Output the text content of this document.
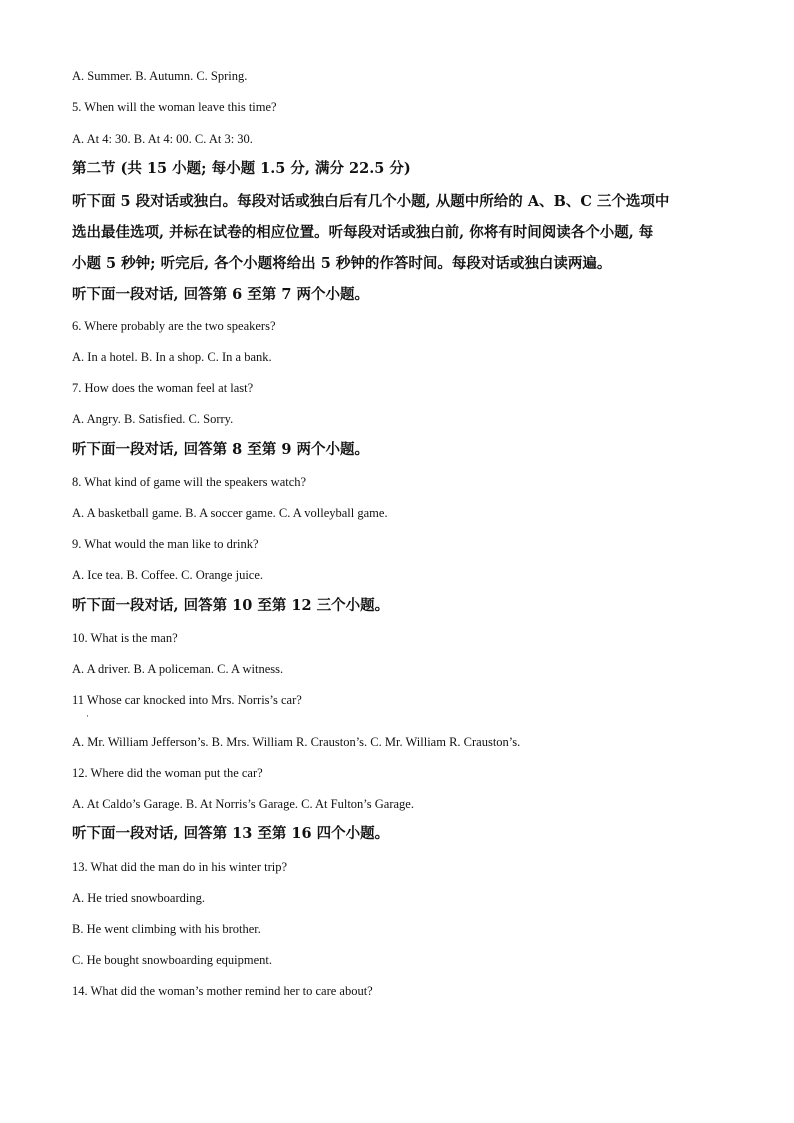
A. Summer. B. Autumn. C. Spring.
5. When will the woman leave this time?
A. At 4: 30. B. At 4: 00. C. At 3: 30.
第二节 (共 15 小题; 每小题 1.5 分, 满分 22.5 分)
听下面 5 段对话或独白。每段对话或独白后有几个小题, 从题中所给的 A、B、C 三个选项中
选出最佳选项, 并标在试卷的相应位置。听每段对话或独白前, 你将有时间阅读各个小题, 每
小题 5 秒钟; 听完后, 各个小题将给出 5 秒钟的作答时间。每段对话或独白读两遍。
听下面一段对话, 回答第 6 至第 7 两个小题。
6. Where probably are the two speakers?
A. In a hotel. B. In a shop. C. In a bank.
7. How does the woman feel at last?
A. Angry. B. Satisfied. C. Sorry.
听下面一段对话, 回答第 8 至第 9 两个小题。
8. What kind of game will the speakers watch?
A. A basketball game. B. A soccer game. C. A volleyball game.
9. What would the man like to drink?
A. Ice tea. B. Coffee. C. Orange juice.
听下面一段对话, 回答第 10 至第 12 三个小题。
10. What is the man?
A. A driver. B. A policeman. C. A witness.
11 Whose car knocked into Mrs. Norris’s car?
·
A. Mr. William Jefferson’s. B. Mrs. William R. Crauston’s. C. Mr. William R. Crauston’s.
12. Where did the woman put the car?
A. At Caldo’s Garage. B. At Norris’s Garage. C. At Fulton’s Garage.
听下面一段对话, 回答第 13 至第 16 四个小题。
13. What did the man do in his winter trip?
A. He tried snowboarding.
B. He went climbing with his brother.
C. He bought snowboarding equipment.
14. What did the woman’s mother remind her to care about?
